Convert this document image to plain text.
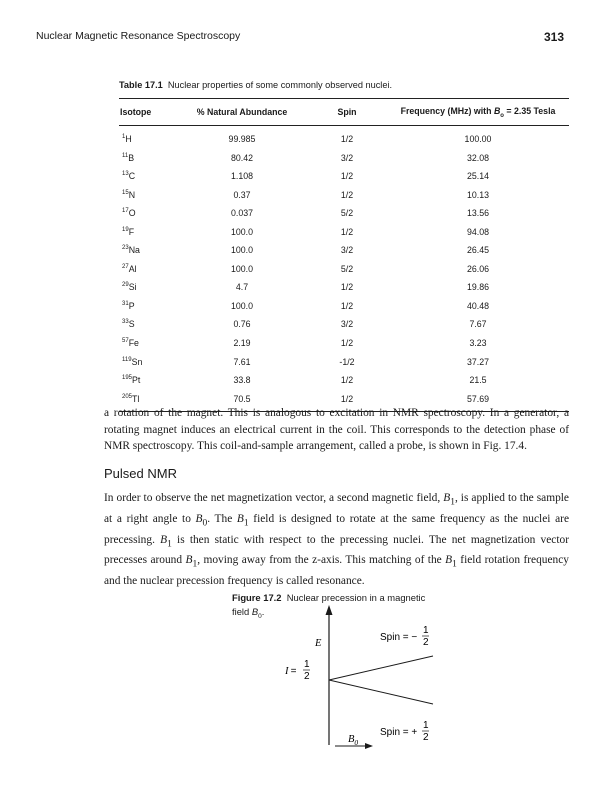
Nuclear Magnetic Resonance Spectroscopy	313
Table 17.1 Nuclear properties of some commonly observed nuclei.
Isotope	% Natural Abundance	Spin	Frequency (MHz) with $B_o = 2.35$ Tesla
$^1$H	99.985	1/2	100.00
$^{11}$B	80.42	3/2	32.08
$^{13}$C	1.108	1/2	25.14
$^{15}$N	0.37	1/2	10.13
$^{17}$O	0.037	5/2	13.56
$^{19}$F	100.0	1/2	94.08
$^{23}$Na	100.0	3/2	26.45
$^{27}$Al	100.0	5/2	26.06
$^{29}$Si	4.7	1/2	19.86
$^{31}$P	100.0	1/2	40.48
$^{33}$S	0.76	3/2	7.67
$^{57}$Fe	2.19	1/2	3.23
$^{119}$Sn	7.61	-1/2	37.27
$^{195}$Pt	33.8	1/2	21.5
$^{205}$Tl	70.5	1/2	57.69

a rotation of the magnet. This is analogous to excitation in NMR spectroscopy. In a generator, a rotating magnet induces an electrical current in the coil. This corresponds to the detection phase of NMR spectroscopy. This coil-and-sample arrangement, called a probe, is shown in Fig. 17.4.

Pulsed NMR

In order to observe the net magnetization vector, a second magnetic field, $B_1$, is applied to the sample at a right angle to $B_0$. The $B_1$ field is designed to rotate at the same frequency as the nuclei are precessing. $B_1$ is then static with respect to the precessing nuclei. The net magnetization vector precesses around $B_1$, moving away from the z-axis. This matching of the $B_1$ field rotation frequency and the nuclear precession frequency is called resonance.

Figure 17.2 Nuclear precession in a magnetic field $B_0$.
E
I =
1
2
Spin = −
1
2
Spin = +
1
2
$B_0$
